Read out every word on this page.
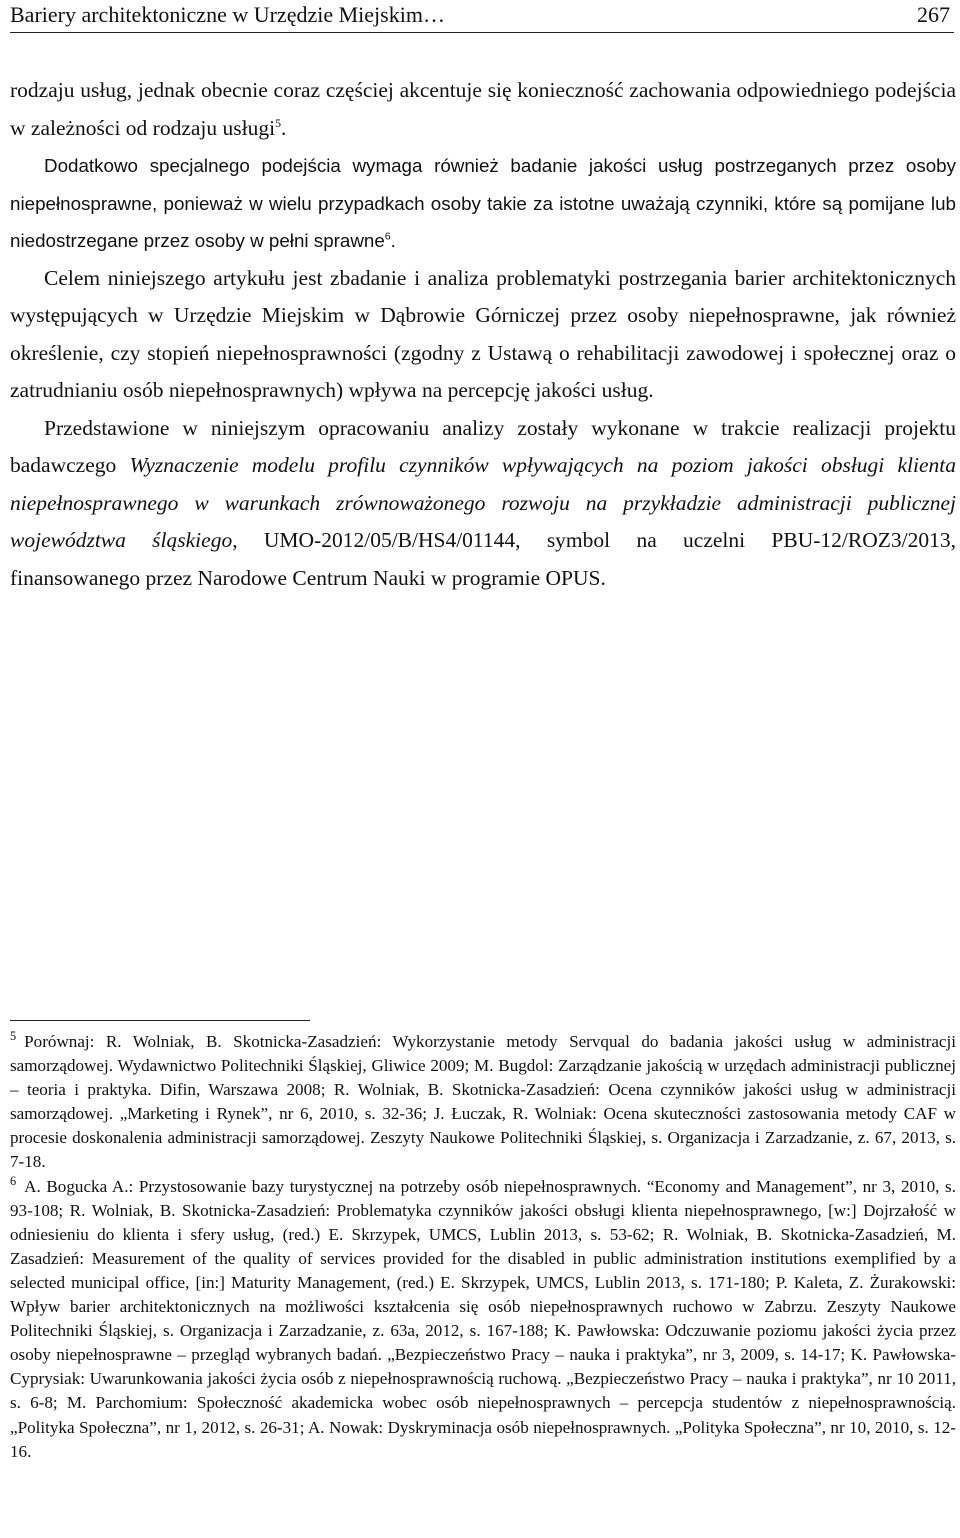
Bariery architektoniczne w Urzędzie Miejskim…	267

rodzaju usług, jednak obecnie coraz częściej akcentuje się konieczność zachowania odpowiedniego podejścia w zależności od rodzaju usługi$^5$.

Dodatkowo specjalnego podejścia wymaga również badanie jakości usług postrzeganych przez osoby niepełnosprawne, ponieważ w wielu przypadkach osoby takie za istotne uważają czynniki, które są pomijane lub niedostrzegane przez osoby w pełni sprawne$^6$.

Celem niniejszego artykułu jest zbadanie i analiza problematyki postrzegania barier architektonicznych występujących w Urzędzie Miejskim w Dąbrowie Górniczej przez osoby niepełnosprawne, jak również określenie, czy stopień niepełnosprawności (zgodny z Ustawą o rehabilitacji zawodowej i społecznej oraz o zatrudnianiu osób niepełnosprawnych) wpływa na percepcję jakości usług.

Przedstawione w niniejszym opracowaniu analizy zostały wykonane w trakcie realizacji projektu badawczego Wyznaczenie modelu profilu czynników wpływających na poziom jakości obsługi klienta niepełnosprawnego w warunkach zrównoważonego rozwoju na przykładzie administracji publicznej województwa śląskiego, UMO-2012/05/B/HS4/01144, symbol na uczelni PBU-12/ROZ3/2013, finansowanego przez Narodowe Centrum Nauki w programie OPUS.

$^5$ Porównaj: R. Wolniak, B. Skotnicka-Zasadzień: Wykorzystanie metody Servqual do badania jakości usług w administracji samorządowej. Wydawnictwo Politechniki Śląskiej, Gliwice 2009; M. Bugdol: Zarządzanie jakością w urzędach administracji publicznej – teoria i praktyka. Difin, Warszawa 2008; R. Wolniak, B. Skotnicka-Zasadzień: Ocena czynników jakości usług w administracji samorządowej. „Marketing i Rynek”, nr 6, 2010, s. 32-36; J. Łuczak, R. Wolniak: Ocena skuteczności zastosowania metody CAF w procesie doskonalenia administracji samorządowej. Zeszyty Naukowe Politechniki Śląskiej, s. Organizacja i Zarzadzanie, z. 67, 2013, s. 7-18.

$^6$ A. Bogucka A.: Przystosowanie bazy turystycznej na potrzeby osób niepełnosprawnych. “Economy and Management”, nr 3, 2010, s. 93-108; R. Wolniak, B. Skotnicka-Zasadzień: Problematyka czynników jakości obsługi klienta niepełnosprawnego, [w:] Dojrzałość w odniesieniu do klienta i sfery usług, (red.) E. Skrzypek, UMCS, Lublin 2013, s. 53-62; R. Wolniak, B. Skotnicka-Zasadzień, M. Zasadzień: Measurement of the quality of services provided for the disabled in public administration institutions exemplified by a selected municipal office, [in:] Maturity Management, (red.) E. Skrzypek, UMCS, Lublin 2013, s. 171-180; P. Kaleta, Z. Żurakowski: Wpływ barier architektonicznych na możliwości kształcenia się osób niepełnosprawnych ruchowo w Zabrzu. Zeszyty Naukowe Politechniki Śląskiej, s. Organizacja i Zarzadzanie, z. 63a, 2012, s. 167-188; K. Pawłowska: Odczuwanie poziomu jakości życia przez osoby niepełnosprawne – przegląd wybranych badań. „Bezpieczeństwo Pracy – nauka i praktyka”, nr 3, 2009, s. 14-17; K. Pawłowska-Cyprysiak: Uwarunkowania jakości życia osób z niepełnosprawnością ruchową. „Bezpieczeństwo Pracy – nauka i praktyka”, nr 10 2011, s. 6-8; M. Parchomium: Społeczność akademicka wobec osób niepełnosprawnych – percepcja studentów z niepełnosprawnością. „Polityka Społeczna”, nr 1, 2012, s. 26-31; A. Nowak: Dyskryminacja osób niepełnosprawnych. „Polityka Społeczna”, nr 10, 2010, s. 12-16.
